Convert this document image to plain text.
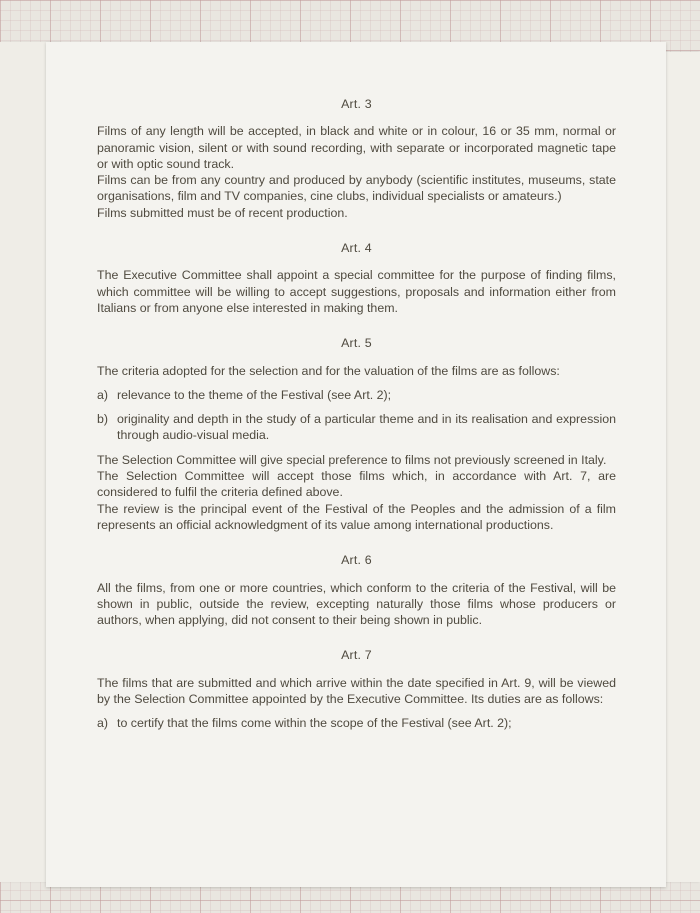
Art. 3

Films of any length will be accepted, in black and white or in colour, 16 or 35 mm, normal or panoramic vision, silent or with sound recording, with separate or incorporated magnetic tape or with optic sound track.

Films can be from any country and produced by anybody (scientific institutes, museums, state organisations, film and TV companies, cine clubs, individual specialists or amateurs.)

Films submitted must be of recent production.

Art. 4

The Executive Committee shall appoint a special committee for the purpose of finding films, which committee will be willing to accept suggestions, proposals and information either from Italians or from anyone else interested in making them.

Art. 5

The criteria adopted for the selection and for the valuation of the films are as follows:

a) relevance to the theme of the Festival (see Art. 2);
b) originality and depth in the study of a particular theme and in its realisation and expression through audio-visual media.

The Selection Committee will give special preference to films not previously screened in Italy.

The Selection Committee will accept those films which, in accordance with Art. 7, are considered to fulfil the criteria defined above.

The review is the principal event of the Festival of the Peoples and the admission of a film represents an official acknowledgment of its value among international productions.

Art. 6

All the films, from one or more countries, which conform to the criteria of the Festival, will be shown in public, outside the review, excepting naturally those films whose producers or authors, when applying, did not consent to their being shown in public.

Art. 7

The films that are submitted and which arrive within the date specified in Art. 9, will be viewed by the Selection Committee appointed by the Executive Committee. Its duties are as follows:

a) to certify that the films come within the scope of the Festival (see Art. 2);
